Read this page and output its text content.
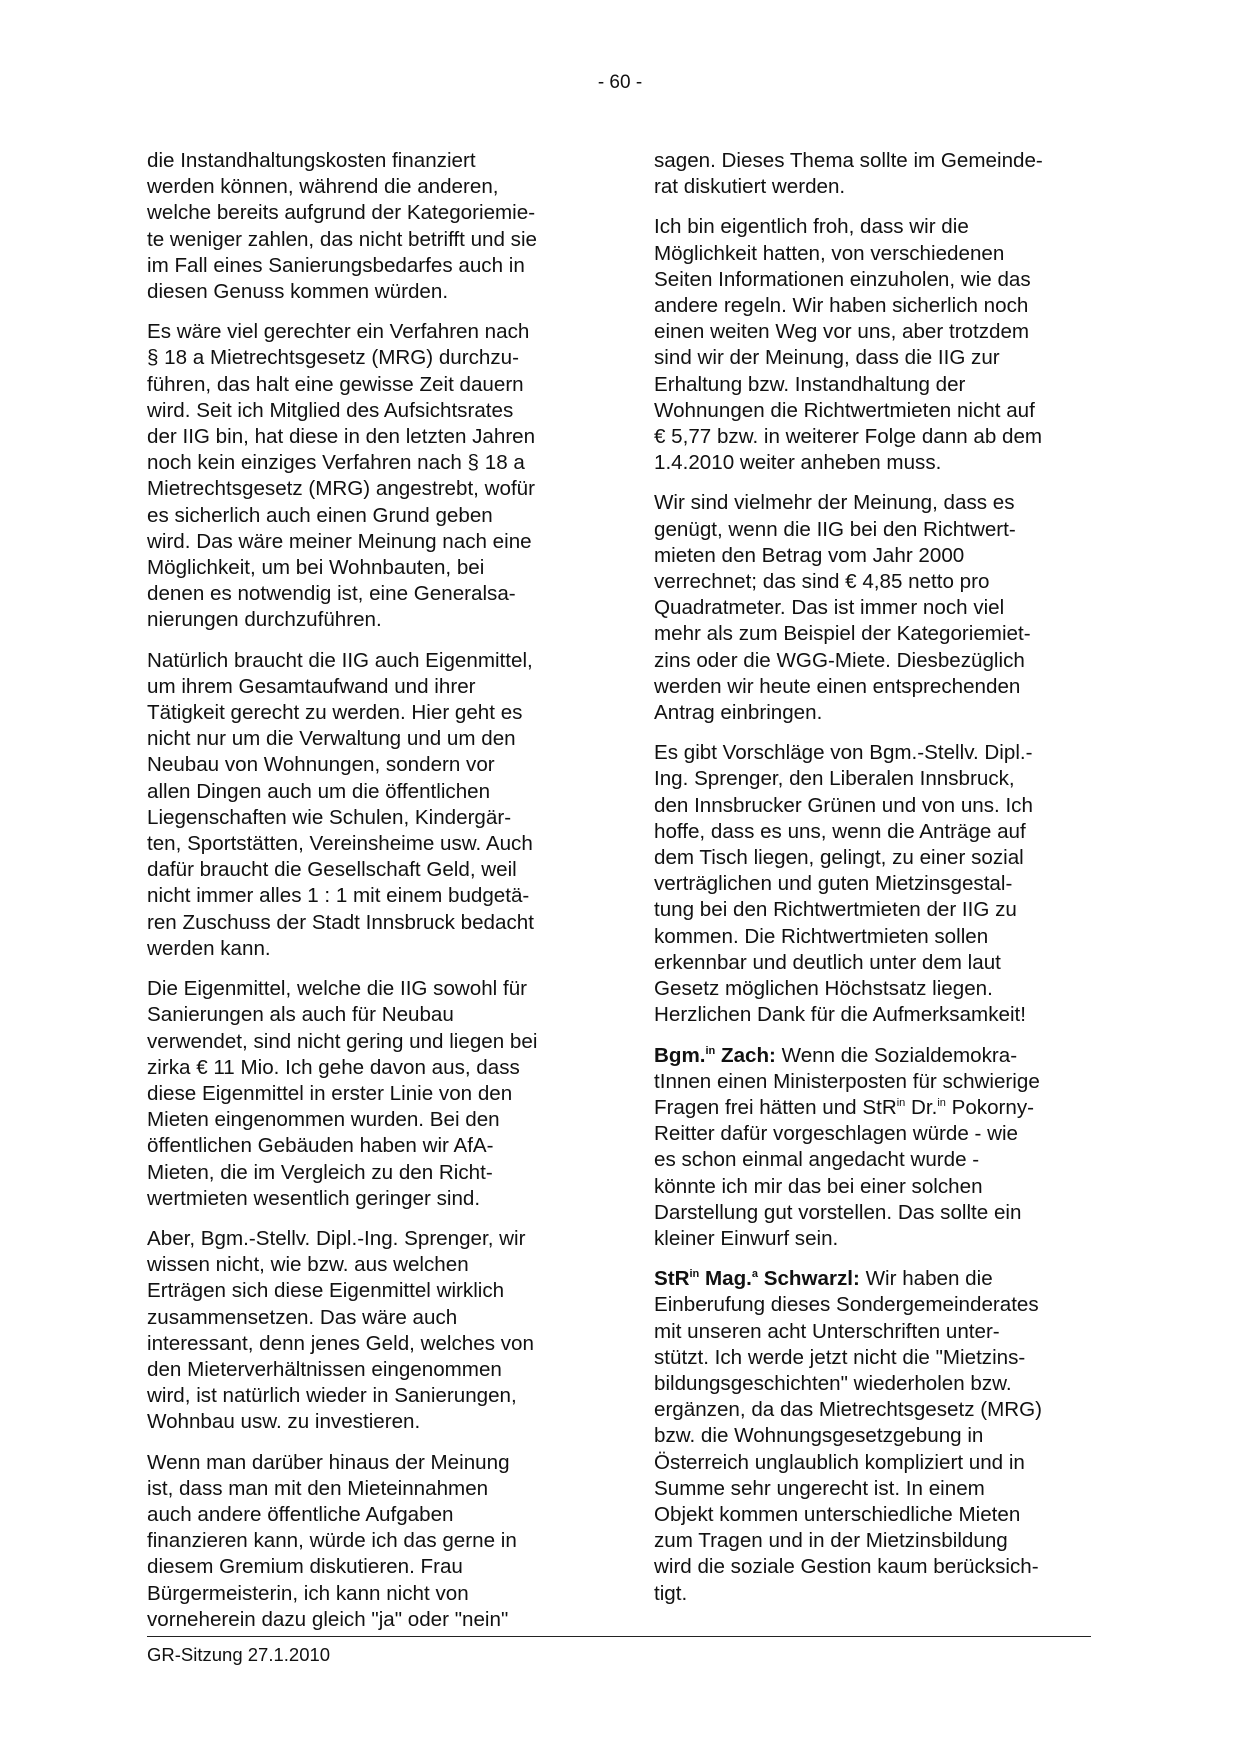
- 60 -

die Instandhaltungskosten finanziert
werden können, während die anderen,
welche bereits aufgrund der Kategoriemie-
te weniger zahlen, das nicht betrifft und sie
im Fall eines Sanierungsbedarfes auch in
diesen Genuss kommen würden.

Es wäre viel gerechter ein Verfahren nach
§ 18 a Mietrechtsgesetz (MRG) durchzu-
führen, das halt eine gewisse Zeit dauern
wird. Seit ich Mitglied des Aufsichtsrates
der IIG bin, hat diese in den letzten Jahren
noch kein einziges Verfahren nach § 18 a
Mietrechtsgesetz (MRG) angestrebt, wofür
es sicherlich auch einen Grund geben
wird. Das wäre meiner Meinung nach eine
Möglichkeit, um bei Wohnbauten, bei
denen es notwendig ist, eine Generalsa-
nierungen durchzuführen.

Natürlich braucht die IIG auch Eigenmittel,
um ihrem Gesamtaufwand und ihrer
Tätigkeit gerecht zu werden. Hier geht es
nicht nur um die Verwaltung und um den
Neubau von Wohnungen, sondern vor
allen Dingen auch um die öffentlichen
Liegenschaften wie Schulen, Kindergär-
ten, Sportstätten, Vereinsheime usw. Auch
dafür braucht die Gesellschaft Geld, weil
nicht immer alles 1 : 1 mit einem budgetä-
ren Zuschuss der Stadt Innsbruck bedacht
werden kann.

Die Eigenmittel, welche die IIG sowohl für
Sanierungen als auch für Neubau
verwendet, sind nicht gering und liegen bei
zirka € 11 Mio. Ich gehe davon aus, dass
diese Eigenmittel in erster Linie von den
Mieten eingenommen wurden. Bei den
öffentlichen Gebäuden haben wir AfA-
Mieten, die im Vergleich zu den Richt-
wertmieten wesentlich geringer sind.

Aber, Bgm.-Stellv. Dipl.-Ing. Sprenger, wir
wissen nicht, wie bzw. aus welchen
Erträgen sich diese Eigenmittel wirklich
zusammensetzen. Das wäre auch
interessant, denn jenes Geld, welches von
den Mieterverhältnissen eingenommen
wird, ist natürlich wieder in Sanierungen,
Wohnbau usw. zu investieren.

Wenn man darüber hinaus der Meinung
ist, dass man mit den Mieteinnahmen
auch andere öffentliche Aufgaben
finanzieren kann, würde ich das gerne in
diesem Gremium diskutieren. Frau
Bürgermeisterin, ich kann nicht von
vorneherein dazu gleich "ja" oder "nein"

sagen. Dieses Thema sollte im Gemeinde-
rat diskutiert werden.

Ich bin eigentlich froh, dass wir die
Möglichkeit hatten, von verschiedenen
Seiten Informationen einzuholen, wie das
andere regeln. Wir haben sicherlich noch
einen weiten Weg vor uns, aber trotzdem
sind wir der Meinung, dass die IIG zur
Erhaltung bzw. Instandhaltung der
Wohnungen die Richtwertmieten nicht auf
€ 5,77 bzw. in weiterer Folge dann ab dem
1.4.2010 weiter anheben muss.

Wir sind vielmehr der Meinung, dass es
genügt, wenn die IIG bei den Richtwert-
mieten den Betrag vom Jahr 2000
verrechnet; das sind € 4,85 netto pro
Quadratmeter. Das ist immer noch viel
mehr als zum Beispiel der Kategoriemiet-
zins oder die WGG-Miete. Diesbezüglich
werden wir heute einen entsprechenden
Antrag einbringen.

Es gibt Vorschläge von Bgm.-Stellv. Dipl.-
Ing. Sprenger, den Liberalen Innsbruck,
den Innsbrucker Grünen und von uns. Ich
hoffe, dass es uns, wenn die Anträge auf
dem Tisch liegen, gelingt, zu einer sozial
verträglichen und guten Mietzinsgestal-
tung bei den Richtwertmieten der IIG zu
kommen. Die Richtwertmieten sollen
erkennbar und deutlich unter dem laut
Gesetz möglichen Höchstsatz liegen.
Herzlichen Dank für die Aufmerksamkeit!

Bgm.$^{in}$ Zach: Wenn die Sozialdemokra-
tInnen einen Ministerposten für schwierige
Fragen frei hätten und StR$^{in}$ Dr.$^{in}$ Pokorny-
Reitter dafür vorgeschlagen würde - wie
es schon einmal angedacht wurde -
könnte ich mir das bei einer solchen
Darstellung gut vorstellen. Das sollte ein
kleiner Einwurf sein.

StR$^{in}$ Mag.$^a$ Schwarzl: Wir haben die
Einberufung dieses Sondergemeinderates
mit unseren acht Unterschriften unter-
stützt. Ich werde jetzt nicht die "Mietzins-
bildungsgeschichten" wiederholen bzw.
ergänzen, da das Mietrechtsgesetz (MRG)
bzw. die Wohnungsgesetzgebung in
Österreich unglaublich kompliziert und in
Summe sehr ungerecht ist. In einem
Objekt kommen unterschiedliche Mieten
zum Tragen und in der Mietzinsbildung
wird die soziale Gestion kaum berücksich-
tigt.

GR-Sitzung 27.1.2010
